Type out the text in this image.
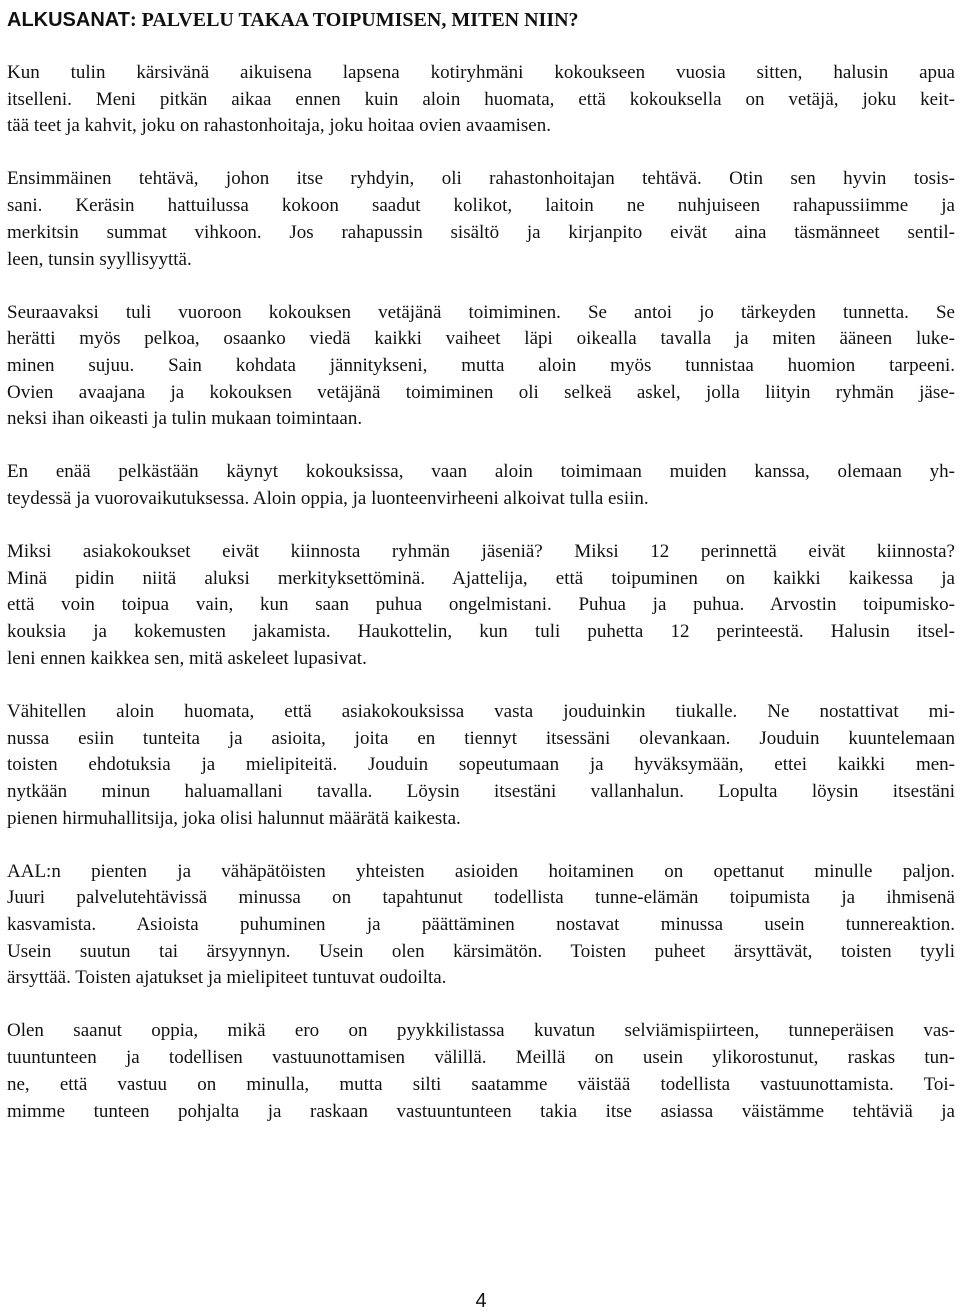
ALKUSANAT: PALVELU TAKAA TOIPUMISEN, MITEN NIIN?

Kun tulin kärsivänä aikuisena lapsena kotiryhmäni kokoukseen vuosia sitten, halusin apua
itselleni. Meni pitkän aikaa ennen kuin aloin huomata, että kokouksella on vetäjä, joku keit-
tää teet ja kahvit, joku on rahastonhoitaja, joku hoitaa ovien avaamisen.

Ensimmäinen tehtävä, johon itse ryhdyin, oli rahastonhoitajan tehtävä. Otin sen hyvin tosis-
sani. Keräsin hattuilussa kokoon saadut kolikot, laitoin ne nuhjuiseen rahapussiimme ja
merkitsin summat vihkoon. Jos rahapussin sisältö ja kirjanpito eivät aina täsmänneet sentil-
leen, tunsin syyllisyyttä.

Seuraavaksi tuli vuoroon kokouksen vetäjänä toimiminen. Se antoi jo tärkeyden tunnetta. Se
herätti myös pelkoa, osaanko viedä kaikki vaiheet läpi oikealla tavalla ja miten ääneen luke-
minen sujuu. Sain kohdata jännitykseni, mutta aloin myös tunnistaa huomion tarpeeni.
Ovien avaajana ja kokouksen vetäjänä toimiminen oli selkeä askel, jolla liityin ryhmän jäse-
neksi ihan oikeasti ja tulin mukaan toimintaan.

En enää pelkästään käynyt kokouksissa, vaan aloin toimimaan muiden kanssa, olemaan yh-
teydessä ja vuorovaikutuksessa. Aloin oppia, ja luonteenvirheeni alkoivat tulla esiin.

Miksi asiakokoukset eivät kiinnosta ryhmän jäseniä? Miksi 12 perinnettä eivät kiinnosta?
Minä pidin niitä aluksi merkityksettöminä. Ajattelija, että toipuminen on kaikki kaikessa ja
että voin toipua vain, kun saan puhua ongelmistani. Puhua ja puhua. Arvostin toipumisko-
kouksia ja kokemusten jakamista. Haukottelin, kun tuli puhetta 12 perinteestä. Halusin itsel-
leni ennen kaikkea sen, mitä askeleet lupasivat.

Vähitellen aloin huomata, että asiakokouksissa vasta jouduinkin tiukalle. Ne nostattivat mi-
nussa esiin tunteita ja asioita, joita en tiennyt itsessäni olevankaan. Jouduin kuuntelemaan
toisten ehdotuksia ja mielipiteitä. Jouduin sopeutumaan ja hyväksymään, ettei kaikki men-
nytkään minun haluamallani tavalla. Löysin itsestäni vallanhalun. Lopulta löysin itsestäni
pienen hirmuhallitsija, joka olisi halunnut määrätä kaikesta.

AAL:n pienten ja vähäpätöisten yhteisten asioiden hoitaminen on opettanut minulle paljon.
Juuri palvelutehtävissä minussa on tapahtunut todellista tunne-elämän toipumista ja ihmisenä
kasvamista. Asioista puhuminen ja päättäminen nostavat minussa usein tunnereaktion.
Usein suutun tai ärsyynnyn. Usein olen kärsimätön. Toisten puheet ärsyttävät, toisten tyyli
ärsyttää. Toisten ajatukset ja mielipiteet tuntuvat oudoilta.

Olen saanut oppia, mikä ero on pyykkilistassa kuvatun selviämispiirteen, tunneperäisen vas-
tuuntunteen ja todellisen vastuunottamisen välillä. Meillä on usein ylikorostunut, raskas tun-
ne, että vastuu on minulla, mutta silti saatamme väistää todellista vastuunottamista. Toi-
mimme tunteen pohjalta ja raskaan vastuuntunteen takia itse asiassa väistämme tehtäviä ja

4
